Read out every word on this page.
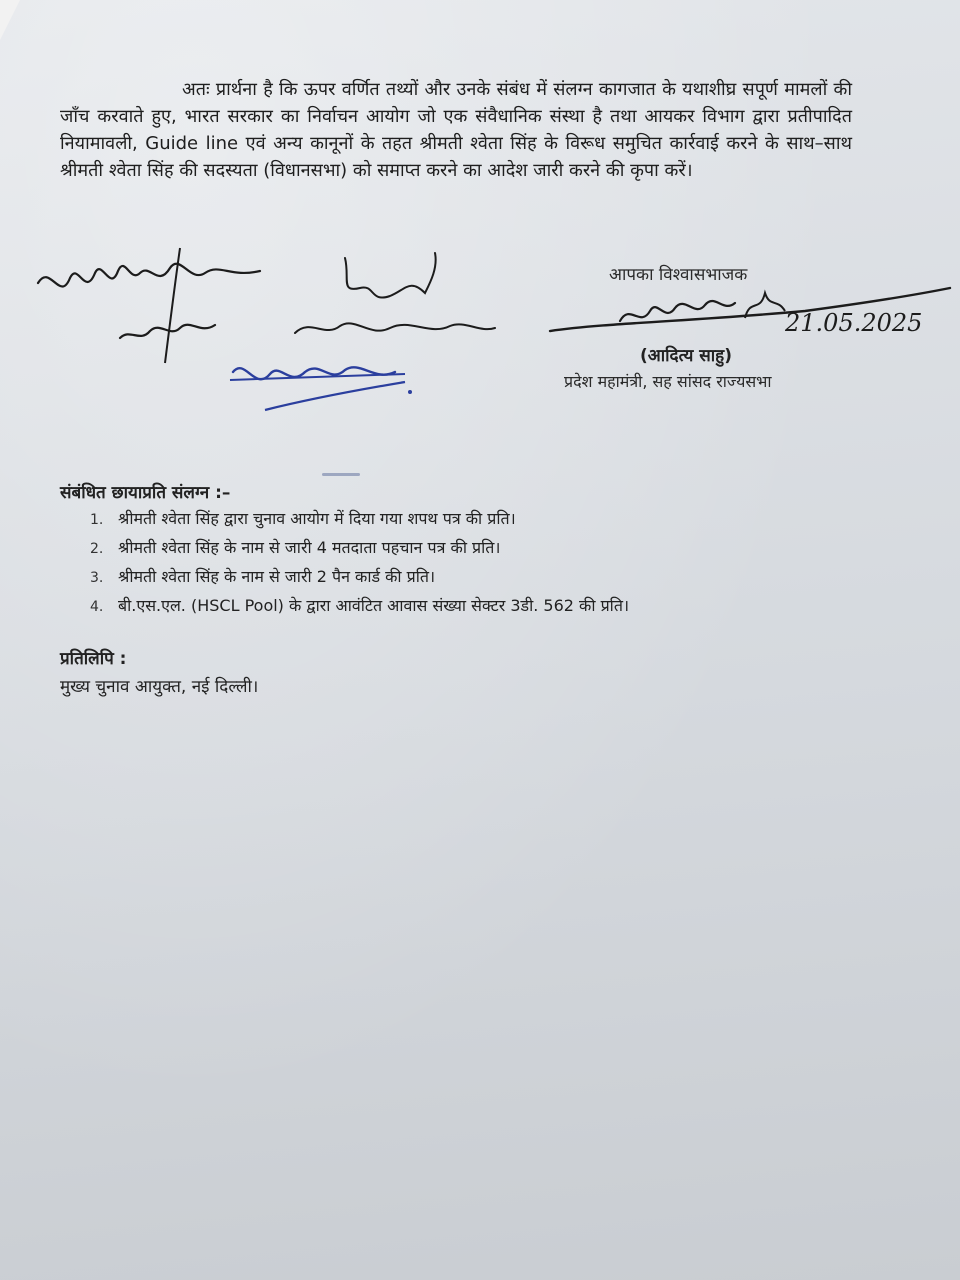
अतः प्रार्थना है कि ऊपर वर्णित तथ्यों और उनके संबंध में संलग्न कागजात के यथाशीघ्र सपूर्ण मामलों की जाँच करवाते हुए, भारत सरकार का निर्वाचन आयोग जो एक संवैधानिक संस्था है तथा आयकर विभाग द्वारा प्रतीपादित नियामावली, Guide line एवं अन्य कानूनों के तहत श्रीमती श्वेता सिंह के विरूध समुचित कार्रवाई करने के साथ–साथ श्रीमती श्वेता सिंह की सदस्यता (विधानसभा) को समाप्त करने का आदेश जारी करने की कृपा करें।

21.05.2025
आपका विश्वासभाजक
(आदित्य साहु)
प्रदेश महामंत्री, सह सांसद राज्यसभा
संबंधित छायाप्रति संलग्न :–
1. श्रीमती श्वेता सिंह द्वारा चुनाव आयोग में दिया गया शपथ पत्र की प्रति।
2. श्रीमती श्वेता सिंह के नाम से जारी 4 मतदाता पहचान पत्र की प्रति।
3. श्रीमती श्वेता सिंह के नाम से जारी 2 पैन कार्ड की प्रति।
4. बी.एस.एल. (HSCL Pool) के द्वारा आवंटित आवास संख्या सेक्टर 3डी. 562 की प्रति।
प्रतिलिपि :
मुख्य चुनाव आयुक्त, नई दिल्ली।
